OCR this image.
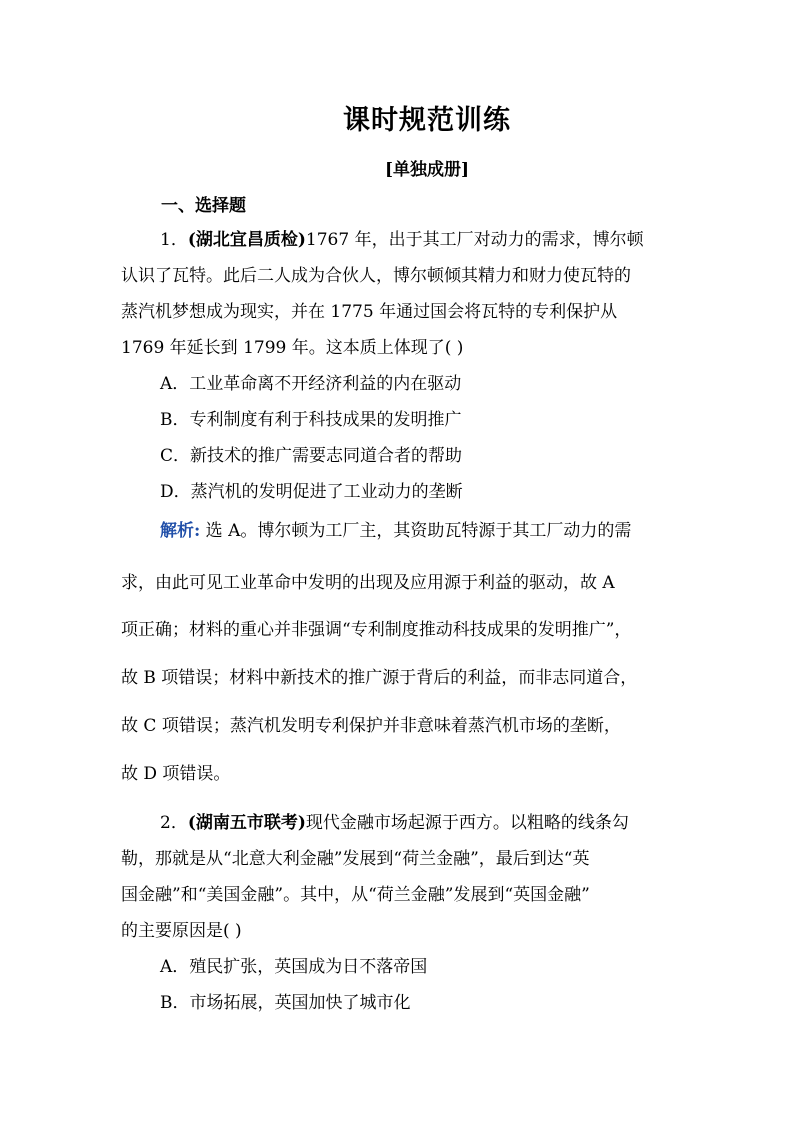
课时规范训练
[单独成册]
一、选择题
1．(湖北宜昌质检)1767 年，出于其工厂对动力的需求，博尔顿
认识了瓦特。此后二人成为合伙人，博尔顿倾其精力和财力使瓦特的
蒸汽机梦想成为现实，并在 1775 年通过国会将瓦特的专利保护从
1769 年延长到 1799 年。这本质上体现了( )
A．工业革命离不开经济利益的内在驱动
B．专利制度有利于科技成果的发明推广
C．新技术的推广需要志同道合者的帮助
D．蒸汽机的发明促进了工业动力的垄断
解析: 选 A。博尔顿为工厂主，其资助瓦特源于其工厂动力的需
求，由此可见工业革命中发明的出现及应用源于利益的驱动，故 A
项正确；材料的重心并非强调“专利制度推动科技成果的发明推广”，
故 B 项错误；材料中新技术的推广源于背后的利益，而非志同道合，
故 C 项错误；蒸汽机发明专利保护并非意味着蒸汽机市场的垄断，
故 D 项错误。
2．(湖南五市联考)现代金融市场起源于西方。以粗略的线条勾
勒，那就是从“北意大利金融”发展到“荷兰金融”，最后到达“英
国金融”和“美国金融”。其中，从“荷兰金融”发展到“英国金融”
的主要原因是( )
A．殖民扩张，英国成为日不落帝国
B．市场拓展，英国加快了城市化
